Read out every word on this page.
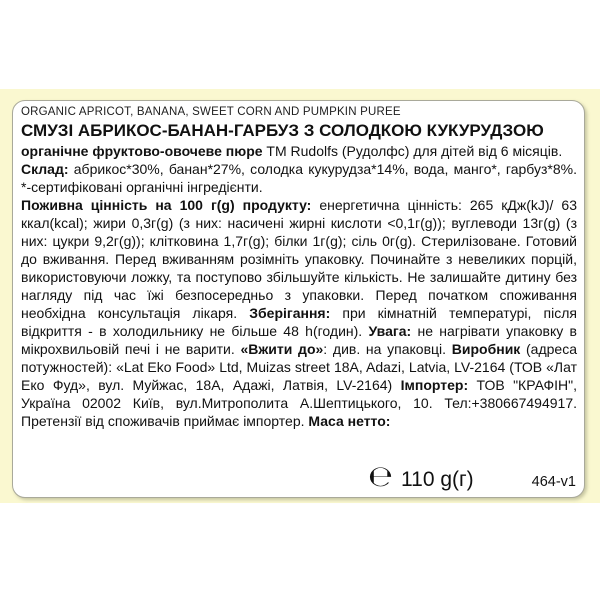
ORGANIC APRICOT, BANANA, SWEET CORN AND PUMPKIN PUREE
СМУЗІ АБРИКОС-БАНАН-ГАРБУЗ З СОЛОДКОЮ КУКУРУДЗОЮ

органічне фруктово-овочеве пюре ТМ Rudolfs (Рудолфс) для дітей від 6 місяців.

Склад: абрикос*30%, банан*27%, солодка кукурудза*14%, вода, манго*, гарбуз*8%. *-сертифіковані органічні інгредієнти.

Поживна цінність на 100 г(g) продукту: енергетична цінність: 265 кДж(kJ)/ 63 ккал(kcal); жири 0,3г(g) (з них: насичені жирні кислоти <0,1г(g)); вуглеводи 13г(g) (з них: цукри 9,2г(g)); клітковина 1,7г(g); білки 1г(g); сіль 0г(g). Стерилізоване. Готовий до вживання. Перед вживанням розімніть упаковку. Починайте з невеликих порцій, використовуючи ложку, та поступово збільшуйте кількість. Не залишайте дитину без нагляду під час їжі безпосередньо з упаковки. Перед початком споживання необхідна консультація лікаря. Зберігання: при кімнатній температурі, після відкриття - в холодильнику не більше 48 h(годин). Увага: не нагрівати упаковку в мікрохвильовій печі і не варити. «Вжити до»: див. на упаковці. Виробник (адреса потужностей): «Lat Eko Food» Ltd, Muizas street 18A, Adazi, Latvia, LV-2164 (ТОВ «Лат Еко Фуд», вул. Муйжас, 18А, Адажі, Латвія, LV-2164) Імпортер: ТОВ "КРАФІН", Україна 02002 Київ, вул.Митрополита А.Шептицького, 10. Тел:+380667494917. Претензії від споживачів приймає імпортер. Маса нетто:

℮ 110 g(г)	464-v1
